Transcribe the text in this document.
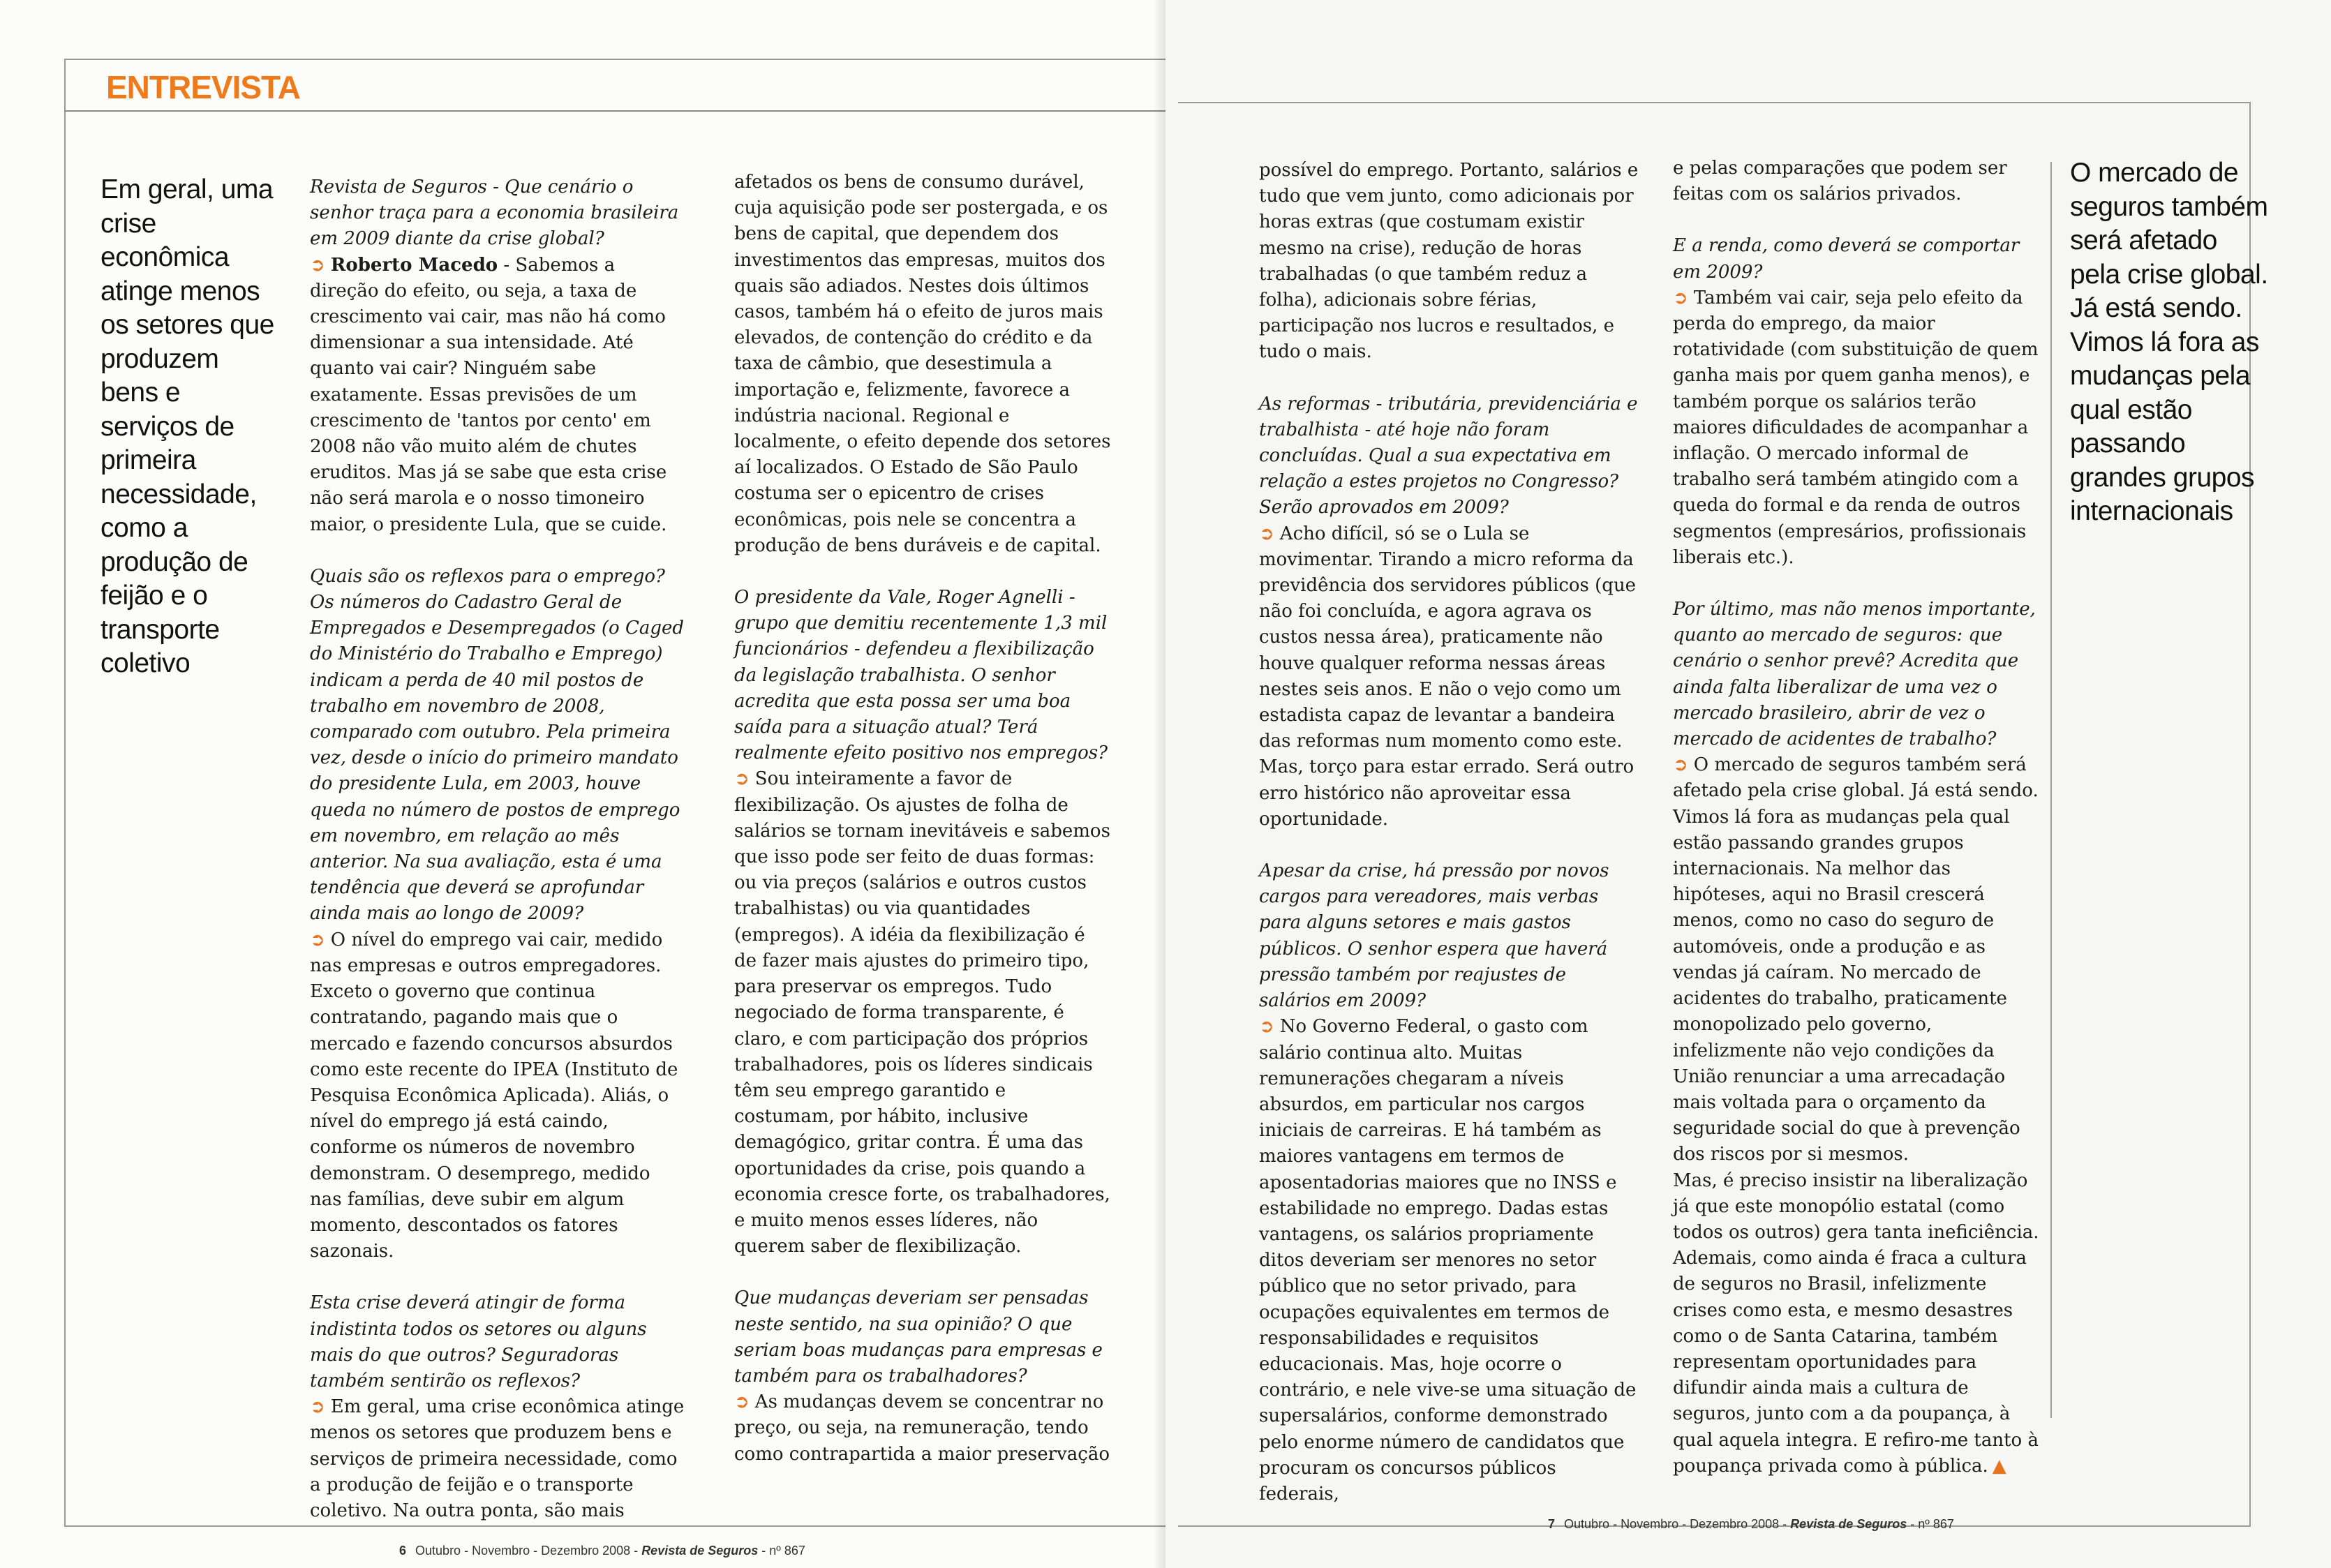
ENTREVISTA

Em geral, uma crise econômica atinge menos os setores que produzem bens e serviços de primeira necessidade, como a produção de feijão e o transporte coletivo

Revista de Seguros - Que cenário o senhor traça para a economia brasileira em 2009 diante da crise global?
➲ Roberto Macedo - Sabemos a direção do efeito, ou seja, a taxa de crescimento vai cair, mas não há como dimensionar a sua intensidade. Até quanto vai cair? Ninguém sabe exatamente. Essas previsões de um crescimento de 'tantos por cento' em 2008 não vão muito além de chutes eruditos. Mas já se sabe que esta crise não será marola e o nosso timoneiro maior, o presidente Lula, que se cuide.

Quais são os reflexos para o emprego? Os números do Cadastro Geral de Empregados e Desempregados (o Caged do Ministério do Trabalho e Emprego) indicam a perda de 40 mil postos de trabalho em novembro de 2008, comparado com outubro. Pela primeira vez, desde o início do primeiro mandato do presidente Lula, em 2003, houve queda no número de postos de emprego em novembro, em relação ao mês anterior. Na sua avaliação, esta é uma tendência que deverá se aprofundar ainda mais ao longo de 2009?
➲ O nível do emprego vai cair, medido nas empresas e outros empregadores. Exceto o governo que continua contratando, pagando mais que o mercado e fazendo concursos absurdos como este recente do IPEA (Instituto de Pesquisa Econômica Aplicada). Aliás, o nível do emprego já está caindo, conforme os números de novembro demonstram. O desemprego, medido nas famílias, deve subir em algum momento, descontados os fatores sazonais.

Esta crise deverá atingir de forma indistinta todos os setores ou alguns mais do que outros? Seguradoras também sentirão os reflexos?
➲ Em geral, uma crise econômica atinge menos os setores que produzem bens e serviços de primeira necessidade, como a produção de feijão e o transporte coletivo. Na outra ponta, são mais

afetados os bens de consumo durável, cuja aquisição pode ser postergada, e os bens de capital, que dependem dos investimentos das empresas, muitos dos quais são adiados. Nestes dois últimos casos, também há o efeito de juros mais elevados, de contenção do crédito e da taxa de câmbio, que desestimula a importação e, felizmente, favorece a indústria nacional. Regional e localmente, o efeito depende dos setores aí localizados. O Estado de São Paulo costuma ser o epicentro de crises econômicas, pois nele se concentra a produção de bens duráveis e de capital.

O presidente da Vale, Roger Agnelli - grupo que demitiu recentemente 1,3 mil funcionários - defendeu a flexibilização da legislação trabalhista. O senhor acredita que esta possa ser uma boa saída para a situação atual? Terá realmente efeito positivo nos empregos?
➲ Sou inteiramente a favor de flexibilização. Os ajustes de folha de salários se tornam inevitáveis e sabemos que isso pode ser feito de duas formas: ou via preços (salários e outros custos trabalhistas) ou via quantidades (empregos). A idéia da flexibilização é de fazer mais ajustes do primeiro tipo, para preservar os empregos. Tudo negociado de forma transparente, é claro, e com participação dos próprios trabalhadores, pois os líderes sindicais têm seu emprego garantido e costumam, por hábito, inclusive demagógico, gritar contra. É uma das oportunidades da crise, pois quando a economia cresce forte, os trabalhadores, e muito menos esses líderes, não querem saber de flexibilização.

Que mudanças deveriam ser pensadas neste sentido, na sua opinião? O que seriam boas mudanças para empresas e também para os trabalhadores?
➲ As mudanças devem se concentrar no preço, ou seja, na remuneração, tendo como contrapartida a maior preservação

6 Outubro - Novembro - Dezembro 2008 - Revista de Seguros - nº 867

possível do emprego. Portanto, salários e tudo que vem junto, como adicionais por horas extras (que costumam existir mesmo na crise), redução de horas trabalhadas (o que também reduz a folha), adicionais sobre férias, participação nos lucros e resultados, e tudo o mais.

As reformas - tributária, previdenciária e trabalhista - até hoje não foram concluídas. Qual a sua expectativa em relação a estes projetos no Congresso? Serão aprovados em 2009?
➲ Acho difícil, só se o Lula se movimentar. Tirando a micro reforma da previdência dos servidores públicos (que não foi concluída, e agora agrava os custos nessa área), praticamente não houve qualquer reforma nessas áreas nestes seis anos. E não o vejo como um estadista capaz de levantar a bandeira das reformas num momento como este. Mas, torço para estar errado. Será outro erro histórico não aproveitar essa oportunidade.

Apesar da crise, há pressão por novos cargos para vereadores, mais verbas para alguns setores e mais gastos públicos. O senhor espera que haverá pressão também por reajustes de salários em 2009?
➲ No Governo Federal, o gasto com salário continua alto. Muitas remunerações chegaram a níveis absurdos, em particular nos cargos iniciais de carreiras. E há também as maiores vantagens em termos de aposentadorias maiores que no INSS e estabilidade no emprego. Dadas estas vantagens, os salários propriamente ditos deveriam ser menores no setor público que no setor privado, para ocupações equivalentes em termos de responsabilidades e requisitos educacionais. Mas, hoje ocorre o contrário, e nele vive-se uma situação de supersalários, conforme demonstrado pelo enorme número de candidatos que procuram os concursos públicos federais,

e pelas comparações que podem ser feitas com os salários privados.

E a renda, como deverá se comportar em 2009?
➲ Também vai cair, seja pelo efeito da perda do emprego, da maior rotatividade (com substituição de quem ganha mais por quem ganha menos), e também porque os salários terão maiores dificuldades de acompanhar a inflação. O mercado informal de trabalho será também atingido com a queda do formal e da renda de outros segmentos (empresários, profissionais liberais etc.).

Por último, mas não menos importante, quanto ao mercado de seguros: que cenário o senhor prevê? Acredita que ainda falta liberalizar de uma vez o mercado brasileiro, abrir de vez o mercado de acidentes de trabalho?
➲ O mercado de seguros também será afetado pela crise global. Já está sendo. Vimos lá fora as mudanças pela qual estão passando grandes grupos internacionais. Na melhor das hipóteses, aqui no Brasil crescerá menos, como no caso do seguro de automóveis, onde a produção e as vendas já caíram. No mercado de acidentes do trabalho, praticamente monopolizado pelo governo, infelizmente não vejo condições da União renunciar a uma arrecadação mais voltada para o orçamento da seguridade social do que à prevenção dos riscos por si mesmos.
Mas, é preciso insistir na liberalização já que este monopólio estatal (como todos os outros) gera tanta ineficiência. Ademais, como ainda é fraca a cultura de seguros no Brasil, infelizmente crises como esta, e mesmo desastres como o de Santa Catarina, também representam oportunidades para difundir ainda mais a cultura de seguros, junto com a da poupança, à qual aquela integra. E refiro-me tanto à poupança privada como à pública. ▲

O mercado de seguros também será afetado pela crise global. Já está sendo. Vimos lá fora as mudanças pela qual estão passando grandes grupos internacionais

7 Outubro - Novembro - Dezembro 2008 - Revista de Seguros - nº 867
